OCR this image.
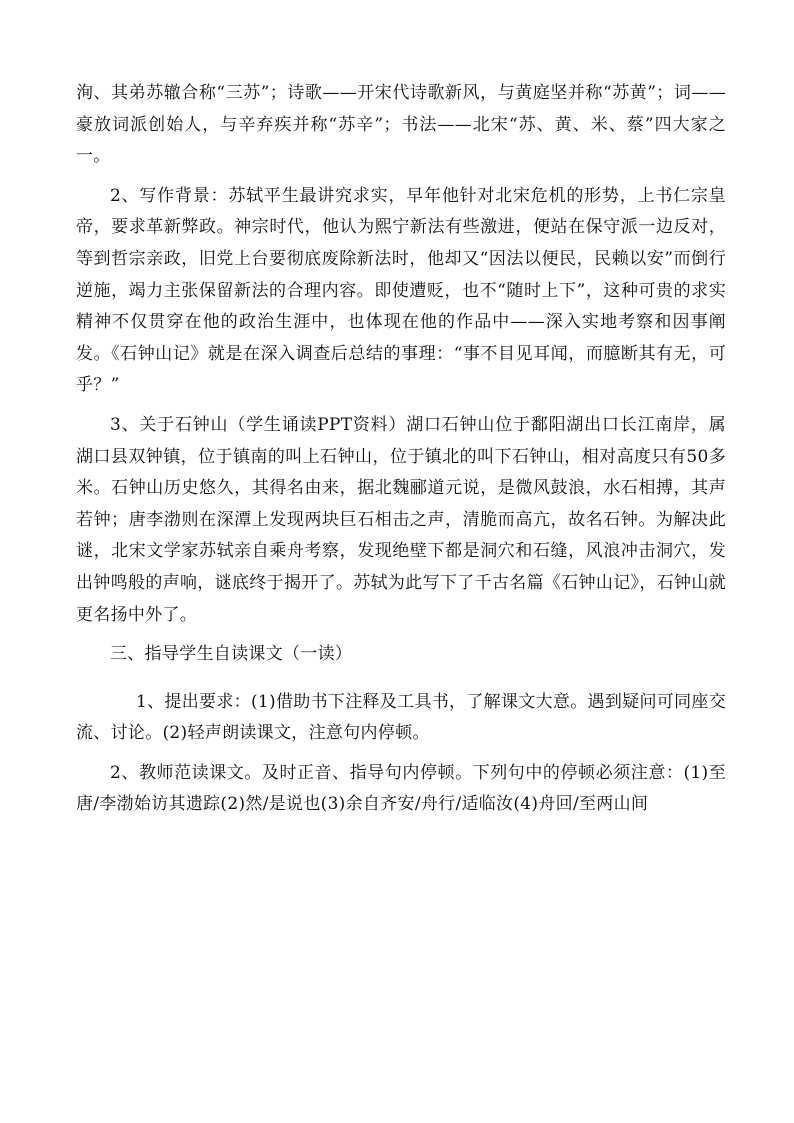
洵、其弟苏辙合称“三苏”；诗歌——开宋代诗歌新风，与黄庭坚并称“苏黄”；词——豪放词派创始人，与辛弃疾并称“苏辛”；书法——北宋“苏、黄、米、蔡”四大家之一。

2、写作背景：苏轼平生最讲究求实，早年他针对北宋危机的形势，上书仁宗皇帝，要求革新弊政。神宗时代，他认为熙宁新法有些激进，便站在保守派一边反对，等到哲宗亲政，旧党上台要彻底废除新法时，他却又“因法以便民，民赖以安”而倒行逆施，竭力主张保留新法的合理内容。即使遭贬，也不“随时上下”，这种可贵的求实精神不仅贯穿在他的政治生涯中，也体现在他的作品中——深入实地考察和因事阐发。《石钟山记》就是在深入调查后总结的事理：“事不目见耳闻，而臆断其有无，可乎？”

3、关于石钟山（学生诵读PPT资料）湖口石钟山位于鄱阳湖出口长江南岸，属湖口县双钟镇，位于镇南的叫上石钟山，位于镇北的叫下石钟山，相对高度只有50多米。石钟山历史悠久，其得名由来，据北魏郦道元说，是微风鼓浪，水石相搏，其声若钟；唐李渤则在深潭上发现两块巨石相击之声，清脆而高亢，故名石钟。为解决此谜，北宋文学家苏轼亲自乘舟考察，发现绝壁下都是洞穴和石缝，风浪冲击洞穴，发出钟鸣般的声响，谜底终于揭开了。苏轼为此写下了千古名篇《石钟山记》，石钟山就更名扬中外了。

三、指导学生自读课文（一读）

1、提出要求：(1)借助书下注释及工具书，了解课文大意。遇到疑问可同座交流、讨论。(2)轻声朗读课文，注意句内停顿。

2、教师范读课文。及时正音、指导句内停顿。下列句中的停顿必须注意：(1)至唐/李渤始访其遗踪(2)然/是说也(3)余自齐安/舟行/适临汝(4)舟回/至两山间
